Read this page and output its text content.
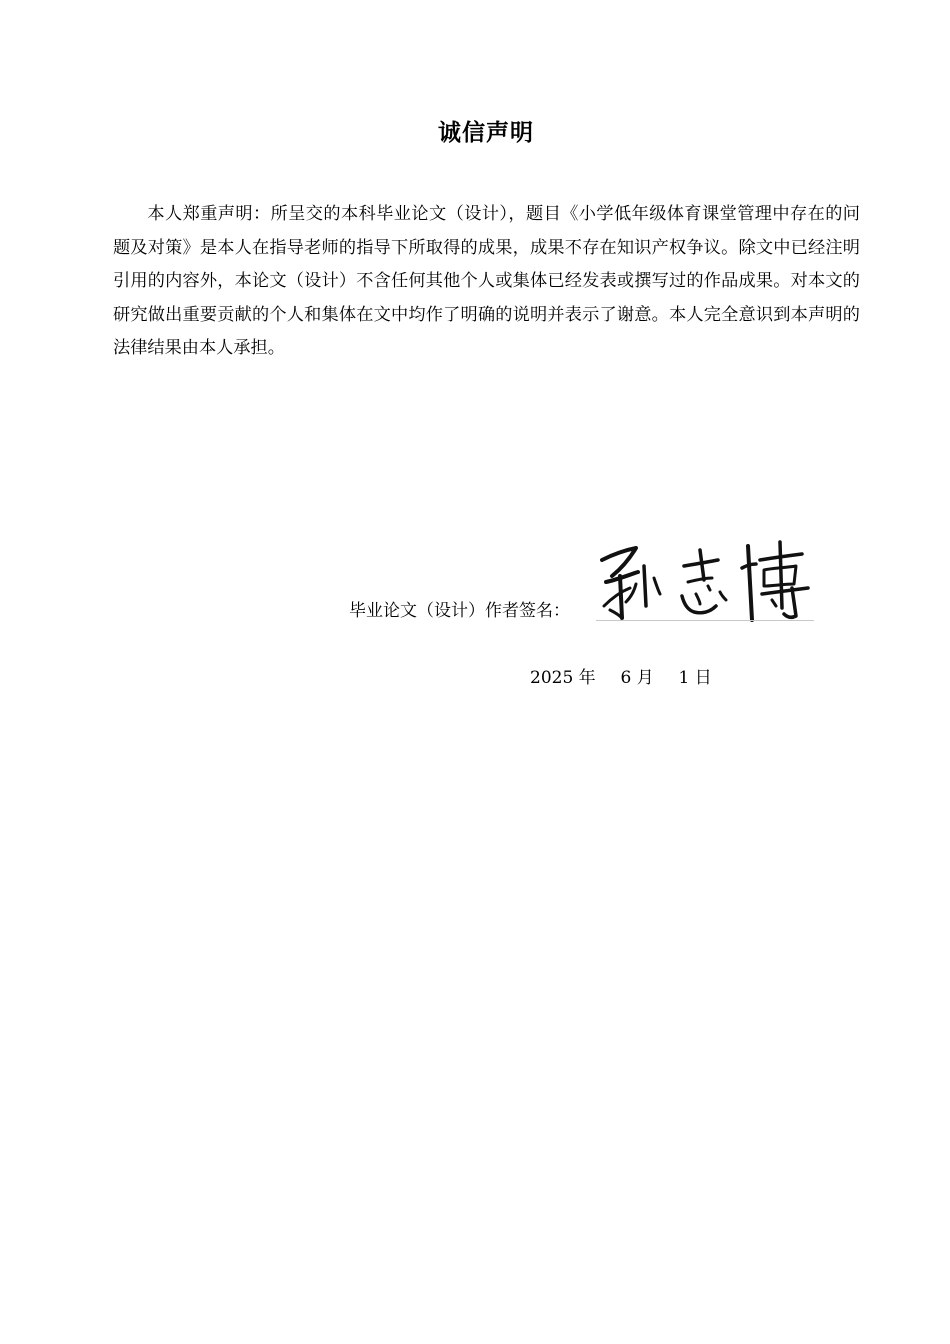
诚信声明

本人郑重声明：所呈交的本科毕业论文（设计），题目《小学低年级体育课堂管理中存在的问题及对策》是本人在指导老师的指导下所取得的成果，成果不存在知识产权争议。除文中已经注明引用的内容外，本论文（设计）不含任何其他个人或集体已经发表或撰写过的作品成果。对本文的研究做出重要贡献的个人和集体在文中均作了明确的说明并表示了谢意。本人完全意识到本声明的法律结果由本人承担。

毕业论文（设计）作者签名：
2025 年 6 月 1 日
